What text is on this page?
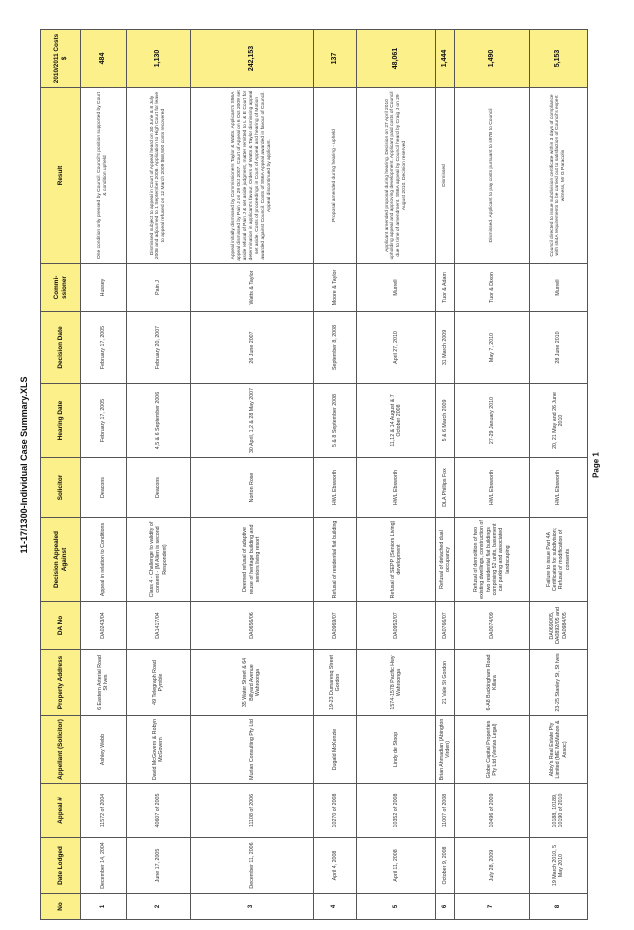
11-17/1300-Individual Case Summary.XLS
No	Date Lodged	Appeal #	Appellant (Solicitor)	Property Address	DA No	Decision Appealed Against	Solicitor	Hearing Date	Decision Date	Commi-ssioner	Result	2010/2011 Costs $
1	December 14, 2004	11572 of 2004	Ashley Webb	6 Eastern Arterial Road St Ives	DA0243/04	Appeal in relation to Conditions	Deacons	February 17, 2005	February 17, 2005	Hussey	One condition only pressed by Council. Council's position supported by Court & condition upheld	484
2	June 17, 2005	40607 of 2005	David McGovern & Robyn McGovern	49 Telegraph Road Pymble	DA1417/04	Class 4 - Challenge to validity of consent - (M Allen is second Respondent)	Deacons	4,5 & 6 September 2006	February 20, 2007	Pain J	Dismissed subject to appeal in Court of Appeal heard on 30 June & 8 July 2008 and adjourned to 1 September 2008. Application to High Court for leave to appeal refused on 12 March 2009 $68,500 costs recovered	1,130
3	December 11, 2006	11108 of 2006	Murlan Consulting Pty Ltd	35 Water Street & 64 Billyard Avenue Wahroonga	DA0656/06	Deemed refusal of adaptive reuse of heritage building and seniors living resort	Norton Rose	30 April, 1,2 & 28 May 2007	26 June 2007	Watts & Taylor	Appeal initially dismissed by Commissioners Taylor & Watts. Applicant's S56A appeal dismissed by Pain J on 29 Oct 2007. Court of Appeal on 6 Oct 2009 set aside refusal of Pain J & set aside judgment, matter remitted to L & E Court for determination in applicant's favour. Orders of Watts & Taylor dismissing appeal set aside. Costs of proceedings in Court of Appeal and hearing of Motion awarded against Council. Costs of S56A Appeal awarded in favour of Council. Appeal discontinued by applicant.	242,153
4	April 4, 2008	10270 of 2008	Dugald McKenzie	19-23 Dumaresq Street Gordon	DA0969/07	Refusal of residential flat building	HWL Ebsworth	5 & 8 September 2008	September 8, 2008	Moore & Taylor	Proposal amended during hearing - upheld	137
5	April 11, 2008	10352 of 2008	Lindy de Stoop	1574-1578 Pacific Hwy Wahroonga	DA0952/07	Refusal of SEPP (Seniors Living) development	HWL Ebsworth	11,12 & 14 August & 7 October 2008	April 27, 2010	Murrell	Applicant amended proposal during hearing. Decision on 27 April 2010 upholding appeal and approving development. Applicant paid costs of Council due to time of amendment. S56A appeal by Council heard by Craig J on 29 August 2010. Decision reserved	48,061
6	October 9, 2008	11007 of 2008	Brian Ahmadian (Abington Virden)	21 Vale St Gordon	DA0766/07	Refusal of detached dual occupancy	DLA Phillips Fox	5 & 6 March 2009	31 March 2009	Tuor & Adam	Dismissed	1,444
7	July 28, 2009	10496 of 2009	Globe Capital Properties Pty Ltd (Ventas Legal)	6-A8 Buckingham Road Killara	DA0074/09	Refusal of demolition of two existing dwellings, construction of two residential flat buildings comprising 52 units, basement car parking and associated landscaping	HWL Ebsworth	27-29 January 2010	May 7, 2010	Tuor & Dixon	Dismissed. Applicant to pay costs pursuant to s97B to Council	1,490
8	19 March 2010, 5 May 2010	10188, 10189, 10190 of 2010	Abby's Real Estate Pty Limited (ME McMahon & Assoc)	23-25 Stanley St, St Ives	DA0690/05, DA0892/05 and DA0984/05	Failure to issue Part 4A Certificates for subdivision; Refusal of modification of consents	HWL Ebsworth	20, 21 May and 26 June 2010	28 June 2010	Murrell	Council directed to issue subdivision certificate within 3 days of compliance with s54A requirements to be carried out to satisfaction of Council's expert witness, Mr G Paracolis	5,153
Page 1
